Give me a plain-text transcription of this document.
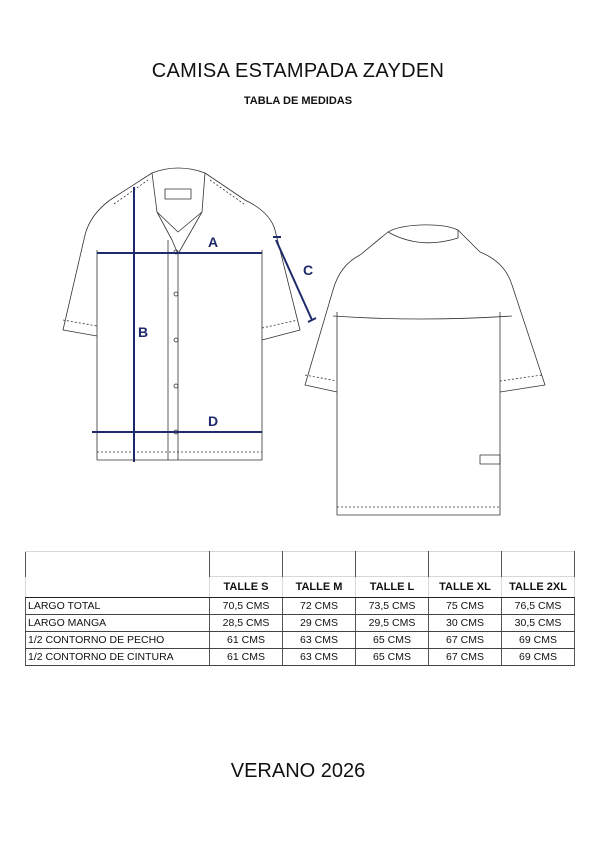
CAMISA ESTAMPADA ZAYDEN
TABLA DE MEDIDAS
A
B
C
D

	TALLE S	TALLE M	TALLE L	TALLE XL	TALLE 2XL
LARGO TOTAL	70,5 CMS	72 CMS	73,5 CMS	75 CMS	76,5 CMS
LARGO MANGA	28,5 CMS	29 CMS	29,5 CMS	30 CMS	30,5 CMS
1/2 CONTORNO DE PECHO	61 CMS	63 CMS	65 CMS	67 CMS	69 CMS
1/2 CONTORNO DE CINTURA	61 CMS	63 CMS	65 CMS	67 CMS	69 CMS
VERANO 2026
